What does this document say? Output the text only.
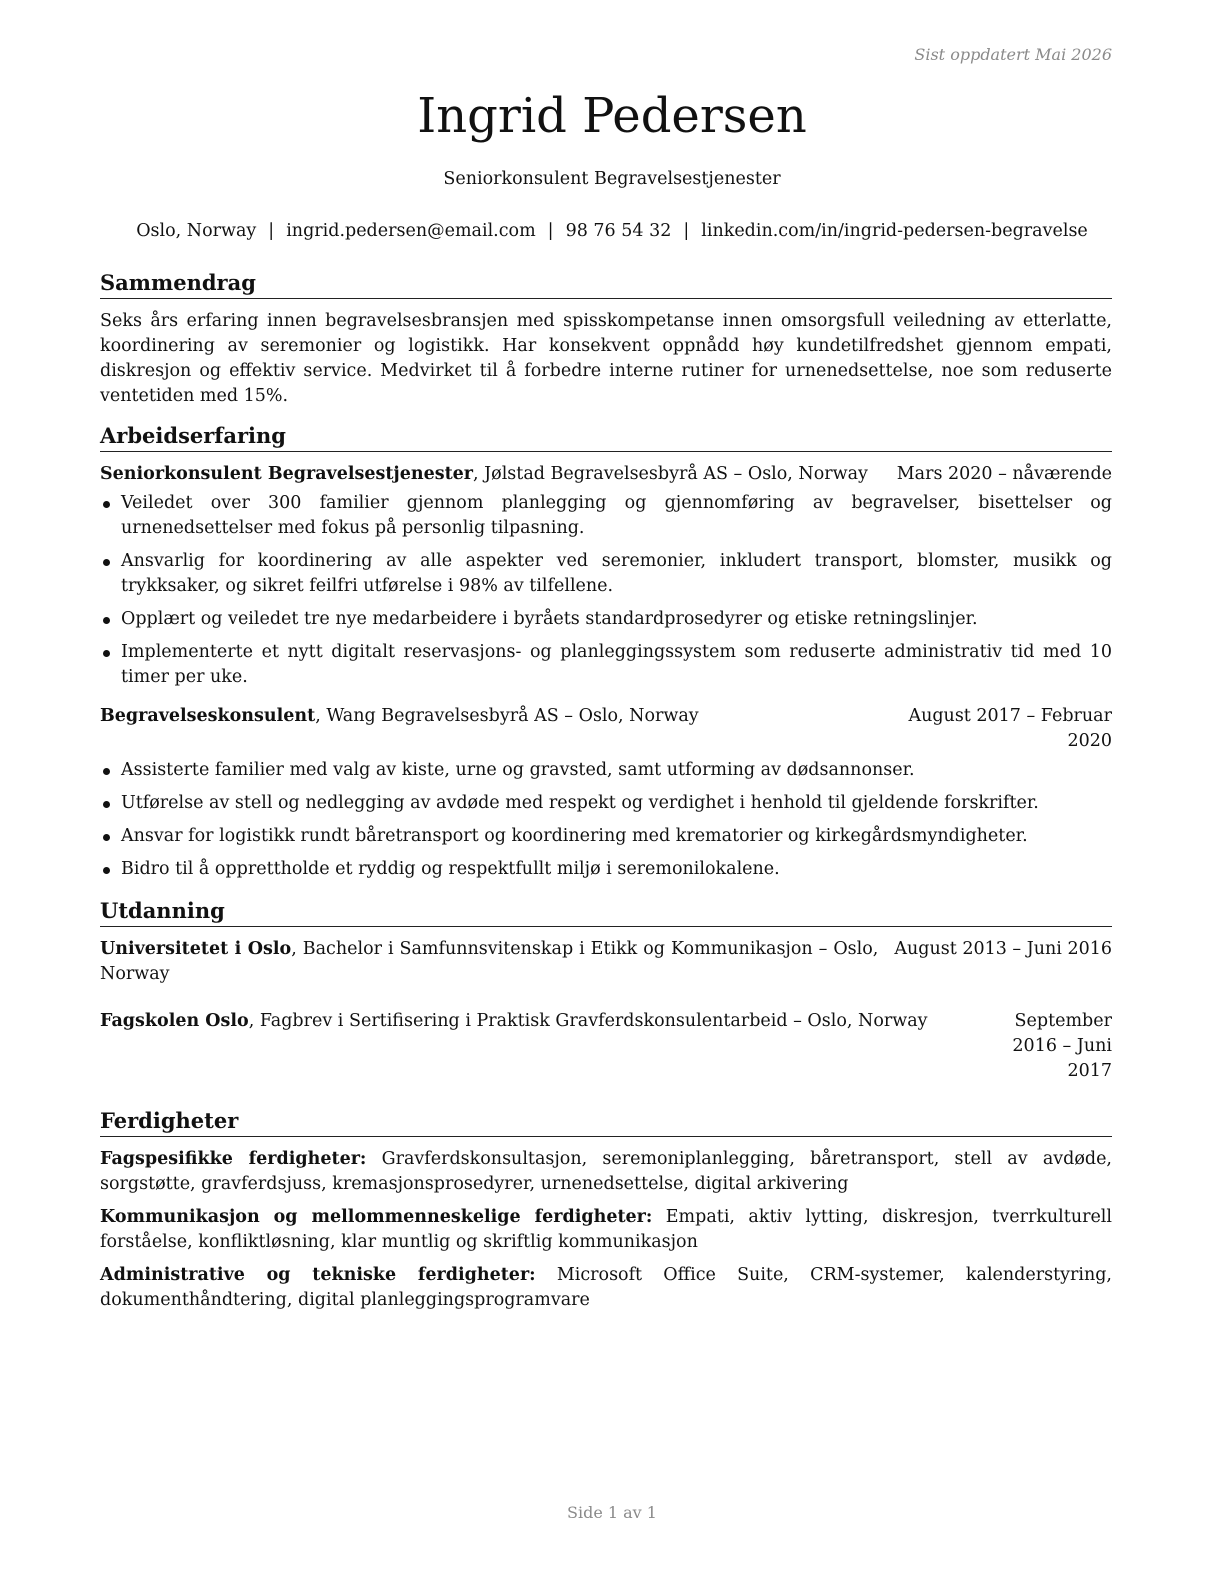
Sist oppdatert Mai 2026
Ingrid Pedersen
Seniorkonsulent Begravelsestjenester
Oslo, Norway | ingrid.pedersen@email.com | 98 76 54 32 | linkedin.com/in/ingrid-pedersen-begravelse
Sammendrag

Seks års erfaring innen begravelsesbransjen med spisskompetanse innen omsorgsfull veiledning av etterlatte, koordinering av seremonier og logistikk. Har konsekvent oppnådd høy kundetilfredshet gjennom empati, diskresjon og effektiv service. Medvirket til å forbedre interne rutiner for urnenedsettelse, noe som reduserte ventetiden med 15%.

Arbeidserfaring
Seniorkonsulent Begravelsestjenester, Jølstad Begravelsesbyrå AS – Oslo, Norway	Mars 2020 – nåværende
Veiledet over 300 familier gjennom planlegging og gjennomføring av begravelser, bisettelser og urnenedsettelser med fokus på personlig tilpasning.
Ansvarlig for koordinering av alle aspekter ved seremonier, inkludert transport, blomster, musikk og trykksaker, og sikret feilfri utførelse i 98% av tilfellene.
Opplært og veiledet tre nye medarbeidere i byråets standardprosedyrer og etiske retningslinjer.
Implementerte et nytt digitalt reservasjons- og planleggingssystem som reduserte administrativ tid med 10 timer per uke.
Begravelseskonsulent, Wang Begravelsesbyrå AS – Oslo, Norway	August 2017 – Februar 2020
Assisterte familier med valg av kiste, urne og gravsted, samt utforming av dødsannonser.
Utførelse av stell og nedlegging av avdøde med respekt og verdighet i henhold til gjeldende forskrifter.
Ansvar for logistikk rundt båretransport og koordinering med krematorier og kirkegårdsmyndigheter.
Bidro til å opprettholde et ryddig og respektfullt miljø i seremonilokalene.
Utdanning
Universitetet i Oslo, Bachelor i Samfunnsvitenskap i Etikk og Kommunikasjon – Oslo, Norway
August 2013 – Juni 2016
Fagskolen Oslo, Fagbrev i Sertifisering i Praktisk Gravferdskonsulentarbeid – Oslo, Norway	September 2016 – Juni 2017
Ferdigheter

Fagspesifikke ferdigheter: Gravferdskonsultasjon, seremoniplanlegging, båretransport, stell av avdøde, sorgstøtte, gravferdsjuss, kremasjonsprosedyrer, urnenedsettelse, digital arkivering

Kommunikasjon og mellommenneskelige ferdigheter: Empati, aktiv lytting, diskresjon, tverrkulturell forståelse, konfliktløsning, klar muntlig og skriftlig kommunikasjon

Administrative og tekniske ferdigheter: Microsoft Office Suite, CRM-systemer, kalenderstyring, dokumenthåndtering, digital planleggingsprogramvare

Side 1 av 1
